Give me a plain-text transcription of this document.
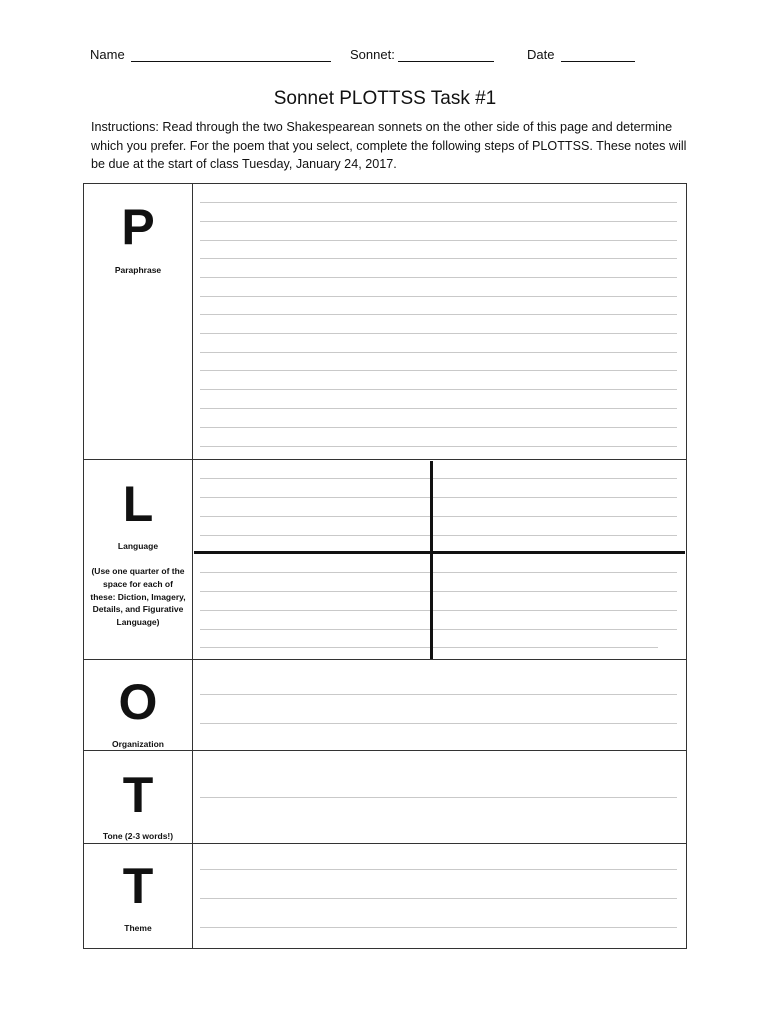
Name	Sonnet:	Date
Sonnet PLOTTSS Task #1
Instructions: Read through the two Shakespearean sonnets on the other side of this page and determine which you prefer. For the poem that you select, complete the following steps of PLOTTSS. These notes will be due at the start of class Tuesday, January 24, 2017.
P
Paraphrase
L
Language
(Use one quarter of the space for each of these: Diction, Imagery, Details, and Figurative Language)
O
Organization
T
Tone (2-3 words!)
T
Theme
